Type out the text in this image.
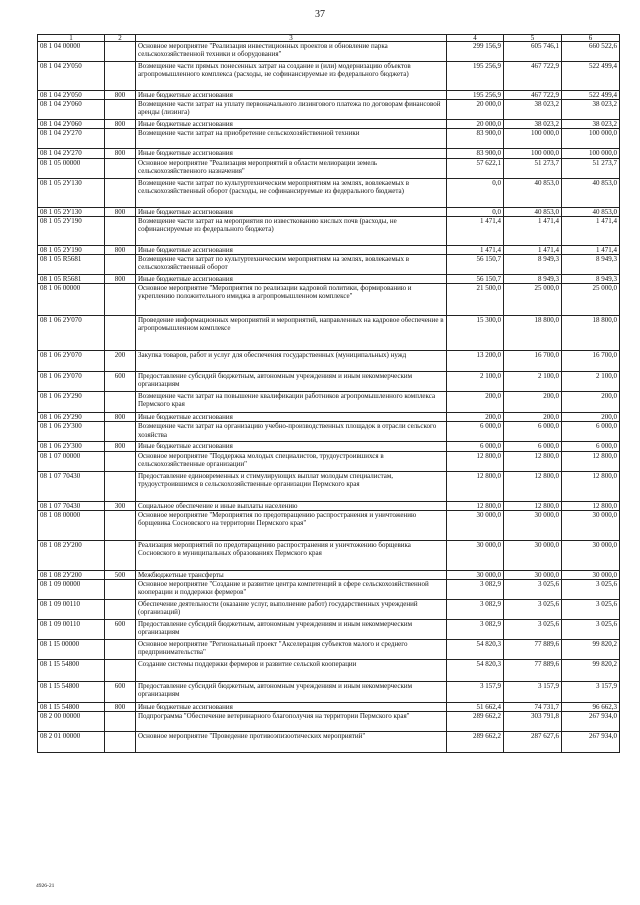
37
1	2	3	4	5	6
08 1 04 00000		Основное мероприятие "Реализация инвестиционных проектов и обновление парка сельскохозяйственной техники и оборудования"	299 156,9	605 746,1	660 522,6
08 1 04 2У050		Возмещение части прямых понесенных затрат на создание и (или) модернизацию объектов агропромышленного комплекса (расходы, не софинансируемые из федерального бюджета)	195 256,9	467 722,9	522 499,4
08 1 04 2У050	800	Иные бюджетные ассигнования	195 256,9	467 722,9	522 499,4
08 1 04 2У060		Возмещение части затрат на уплату первоначального лизингового платежа по договорам финансовой аренды (лизинга)	20 000,0	38 023,2	38 023,2
08 1 04 2У060	800	Иные бюджетные ассигнования	20 000,0	38 023,2	38 023,2
08 1 04 2У270		Возмещение части затрат на приобретение сельскохозяйственной техники	83 900,0	100 000,0	100 000,0
08 1 04 2У270	800	Иные бюджетные ассигнования	83 900,0	100 000,0	100 000,0
08 1 05 00000		Основное мероприятие "Реализация мероприятий в области мелиорации земель сельскохозяйственного назначения"	57 622,1	51 273,7	51 273,7
08 1 05 2У130		Возмещение части затрат по культуртехническим мероприятиям на землях, вовлекаемых в сельскохозяйственный оборот (расходы, не софинансируемые из федерального бюджета)	0,0	40 853,0	40 853,0
08 1 05 2У130	800	Иные бюджетные ассигнования	0,0	40 853,0	40 853,0
08 1 05 2У190		Возмещение части затрат на мероприятия по известкованию кислых почв (расходы, не софинансируемые из федерального бюджета)	1 471,4	1 471,4	1 471,4
08 1 05 2У190	800	Иные бюджетные ассигнования	1 471,4	1 471,4	1 471,4
08 1 05 R5681		Возмещение части затрат по культуртехническим мероприятиям на землях, вовлекаемых в сельскохозяйственный оборот	56 150,7	8 949,3	8 949,3
08 1 05 R5681	800	Иные бюджетные ассигнования	56 150,7	8 949,3	8 949,3
08 1 06 00000		Основное мероприятие "Мероприятия по реализации кадровой политики, формированию и укреплению положительного имиджа в агропромышленном комплексе"	21 500,0	25 000,0	25 000,0
08 1 06 2У070		Проведение информационных мероприятий и мероприятий, направленных на кадровое обеспечение в агропромышленном комплексе	15 300,0	18 800,0	18 800,0
08 1 06 2У070	200	Закупка товаров, работ и услуг для обеспечения государственных (муниципальных) нужд	13 200,0	16 700,0	16 700,0
08 1 06 2У070	600	Предоставление субсидий бюджетным, автономным учреждениям и иным некоммерческим организациям	2 100,0	2 100,0	2 100,0
08 1 06 2У290		Возмещение части затрат на повышение квалификации работников агропромышленного комплекса Пермского края	200,0	200,0	200,0
08 1 06 2У290	800	Иные бюджетные ассигнования	200,0	200,0	200,0
08 1 06 2У300		Возмещение части затрат на организацию учебно-производственных площадок в отрасли сельского хозяйства	6 000,0	6 000,0	6 000,0
08 1 06 2У300	800	Иные бюджетные ассигнования	6 000,0	6 000,0	6 000,0
08 1 07 00000		Основное мероприятие "Поддержка молодых специалистов, трудоустроившихся в сельскохозяйственные организации"	12 800,0	12 800,0	12 800,0
08 1 07 70430		Предоставление единовременных и стимулирующих выплат молодым специалистам, трудоустроившимся в сельскохозяйственные организации Пермского края	12 800,0	12 800,0	12 800,0
08 1 07 70430	300	Социальное обеспечение и иные выплаты населению	12 800,0	12 800,0	12 800,0
08 1 08 00000		Основное мероприятие "Мероприятия по предотвращению распространения и уничтожению борщевика Сосновского на территории Пермского края"	30 000,0	30 000,0	30 000,0
08 1 08 2У200		Реализация мероприятий по предотвращению распространения и уничтожению борщевика Сосновского в муниципальных образованиях Пермского края	30 000,0	30 000,0	30 000,0
08 1 08 2У200	500	Межбюджетные трансферты	30 000,0	30 000,0	30 000,0
08 1 09 00000		Основное мероприятие "Создание и развитие центра компетенций в сфере сельскохозяйственной кооперации и поддержки фермеров"	3 082,9	3 025,6	3 025,6
08 1 09 00110		Обеспечение деятельности (оказание услуг, выполнение работ) государственных учреждений (организаций)	3 082,9	3 025,6	3 025,6
08 1 09 00110	600	Предоставление субсидий бюджетным, автономным учреждениям и иным некоммерческим организациям	3 082,9	3 025,6	3 025,6
08 1 I5 00000		Основное мероприятие "Региональный проект "Акселерация субъектов малого и среднего предпринимательства"	54 820,3	77 889,6	99 820,2
08 1 I5 54800		Создание системы поддержки фермеров и развитие сельской кооперации	54 820,3	77 889,6	99 820,2
08 1 I5 54800	600	Предоставление субсидий бюджетным, автономным учреждениям и иным некоммерческим организациям	3 157,9	3 157,9	3 157,9
08 1 I5 54800	800	Иные бюджетные ассигнования	51 662,4	74 731,7	96 662,3
08 2 00 00000		Подпрограмма "Обеспечение ветеринарного благополучия на территории Пермского края"	289 662,2	303 791,8	267 934,0
08 2 01 00000		Основное мероприятие "Проведение противоэпизоотических мероприятий"	289 662,2	287 627,6	267 934,0
4926-21
